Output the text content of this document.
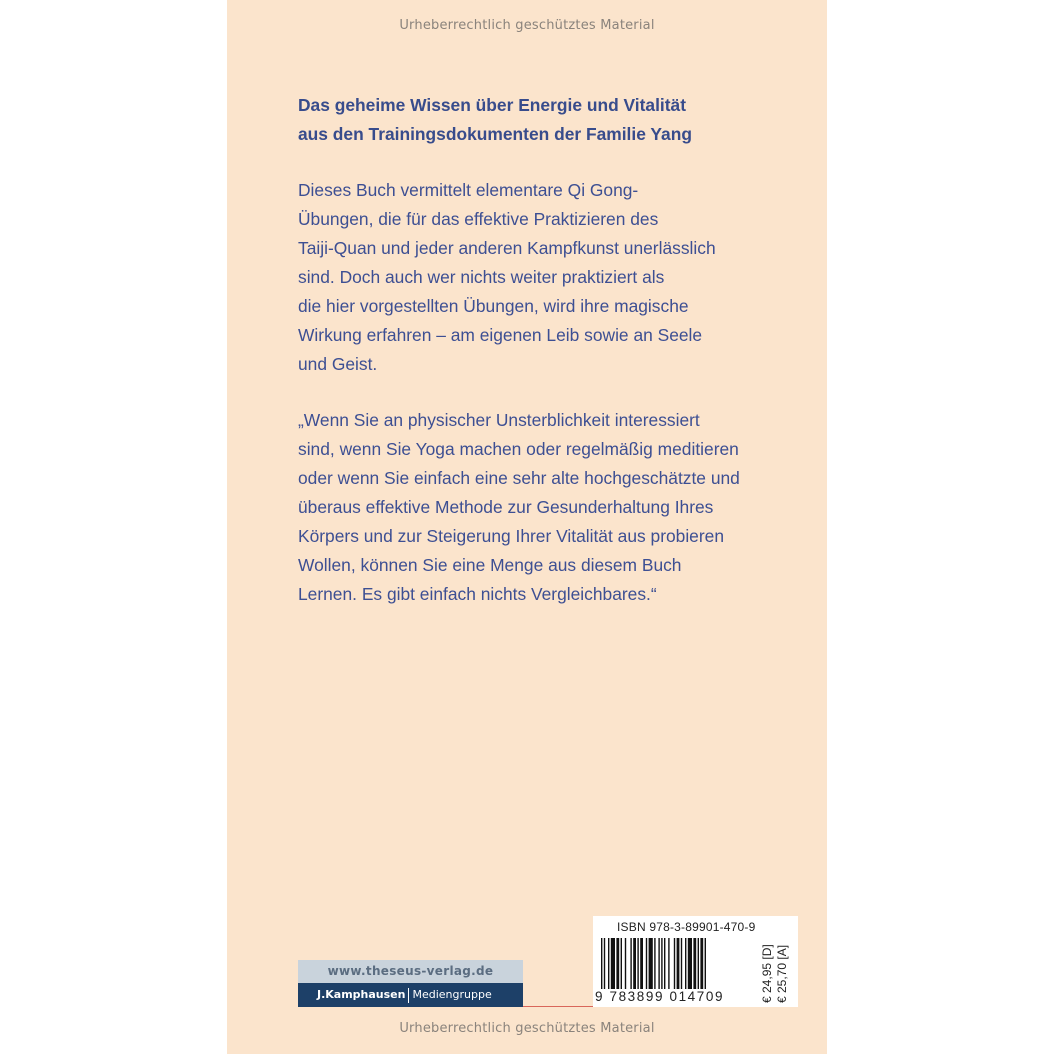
Urheberrechtlich geschütztes Material

Das geheime Wissen über Energie und Vitalität
aus den Trainingsdokumenten der Familie Yang

Dieses Buch vermittelt elementare Qi Gong-
Übungen, die für das effektive Praktizieren des
Taiji-Quan und jeder anderen Kampfkunst unerlässlich
sind. Doch auch wer nichts weiter praktiziert als
die hier vorgestellten Übungen, wird ihre magische
Wirkung erfahren – am eigenen Leib sowie an Seele
und Geist.

„Wenn Sie an physischer Unsterblichkeit interessiert
sind, wenn Sie Yoga machen oder regelmäßig meditieren
oder wenn Sie einfach eine sehr alte hochgeschätzte und
überaus effektive Methode zur Gesunderhaltung Ihres
Körpers und zur Steigerung Ihrer Vitalität aus probieren
Wollen, können Sie eine Menge aus diesem Buch
Lernen. Es gibt einfach nichts Vergleichbares.“

www.theseus-verlag.de
J.Kamphausen Mediengruppe
ISBN 978-3-89901-470-9
9 783899 014709	€ 24,95 [D] € 25,70 [A]
Urheberrechtlich geschütztes Material
